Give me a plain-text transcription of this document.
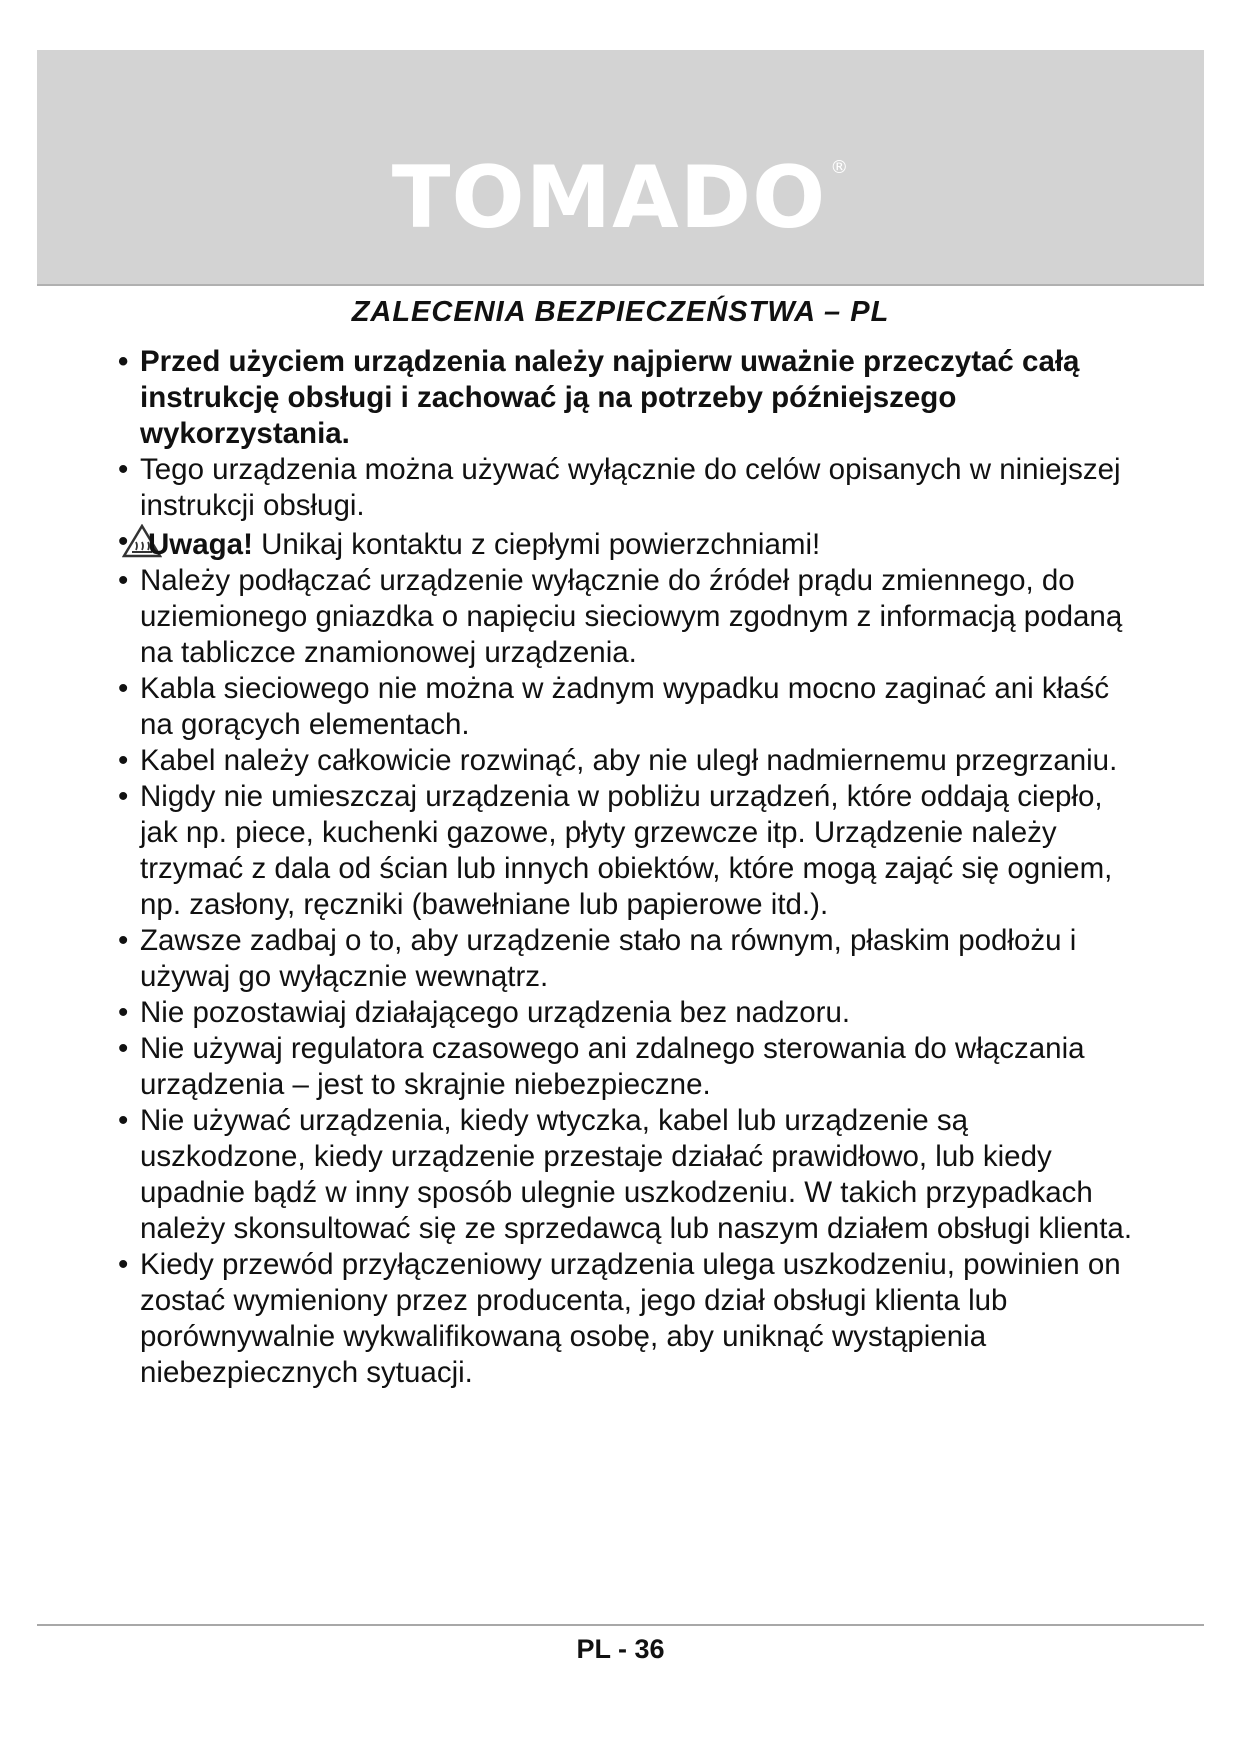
TOMADO ®
ZALECENIA BEZPIECZEŃSTWA – PL
• Przed użyciem urządzenia należy najpierw uważnie przeczytać całą instrukcję obsługi i zachować ją na potrzeby późniejszego wykorzystania.
• Tego urządzenia można używać wyłącznie do celów opisanych w niniejszej instrukcji obsługi.
• Uwaga! Unikaj kontaktu z ciepłymi powierzchniami!
• Należy podłączać urządzenie wyłącznie do źródeł prądu zmiennego, do uziemionego gniazdka o napięciu sieciowym zgodnym z informacją podaną na tabliczce znamionowej urządzenia.
• Kabla sieciowego nie można w żadnym wypadku mocno zaginać ani kłaść na gorących elementach.
• Kabel należy całkowicie rozwinąć, aby nie uległ nadmiernemu przegrzaniu.
• Nigdy nie umieszczaj urządzenia w pobliżu urządzeń, które oddają ciepło, jak np. piece, kuchenki gazowe, płyty grzewcze itp. Urządzenie należy trzymać z dala od ścian lub innych obiektów, które mogą zająć się ogniem, np. zasłony, ręczniki (bawełniane lub papierowe itd.).
• Zawsze zadbaj o to, aby urządzenie stało na równym, płaskim podłożu i używaj go wyłącznie wewnątrz.
• Nie pozostawiaj działającego urządzenia bez nadzoru.
• Nie używaj regulatora czasowego ani zdalnego sterowania do włączania urządzenia – jest to skrajnie niebezpieczne.
• Nie używać urządzenia, kiedy wtyczka, kabel lub urządzenie są uszkodzone, kiedy urządzenie przestaje działać prawidłowo, lub kiedy upadnie bądź w inny sposób ulegnie uszkodzeniu. W takich przypadkach należy skonsultować się ze sprzedawcą lub naszym działem obsługi klienta.
• Kiedy przewód przyłączeniowy urządzenia ulega uszkodzeniu, powinien on zostać wymieniony przez producenta, jego dział obsługi klienta lub porównywalnie wykwalifikowaną osobę, aby uniknąć wystąpienia niebezpiecznych sytuacji.
PL - 36
